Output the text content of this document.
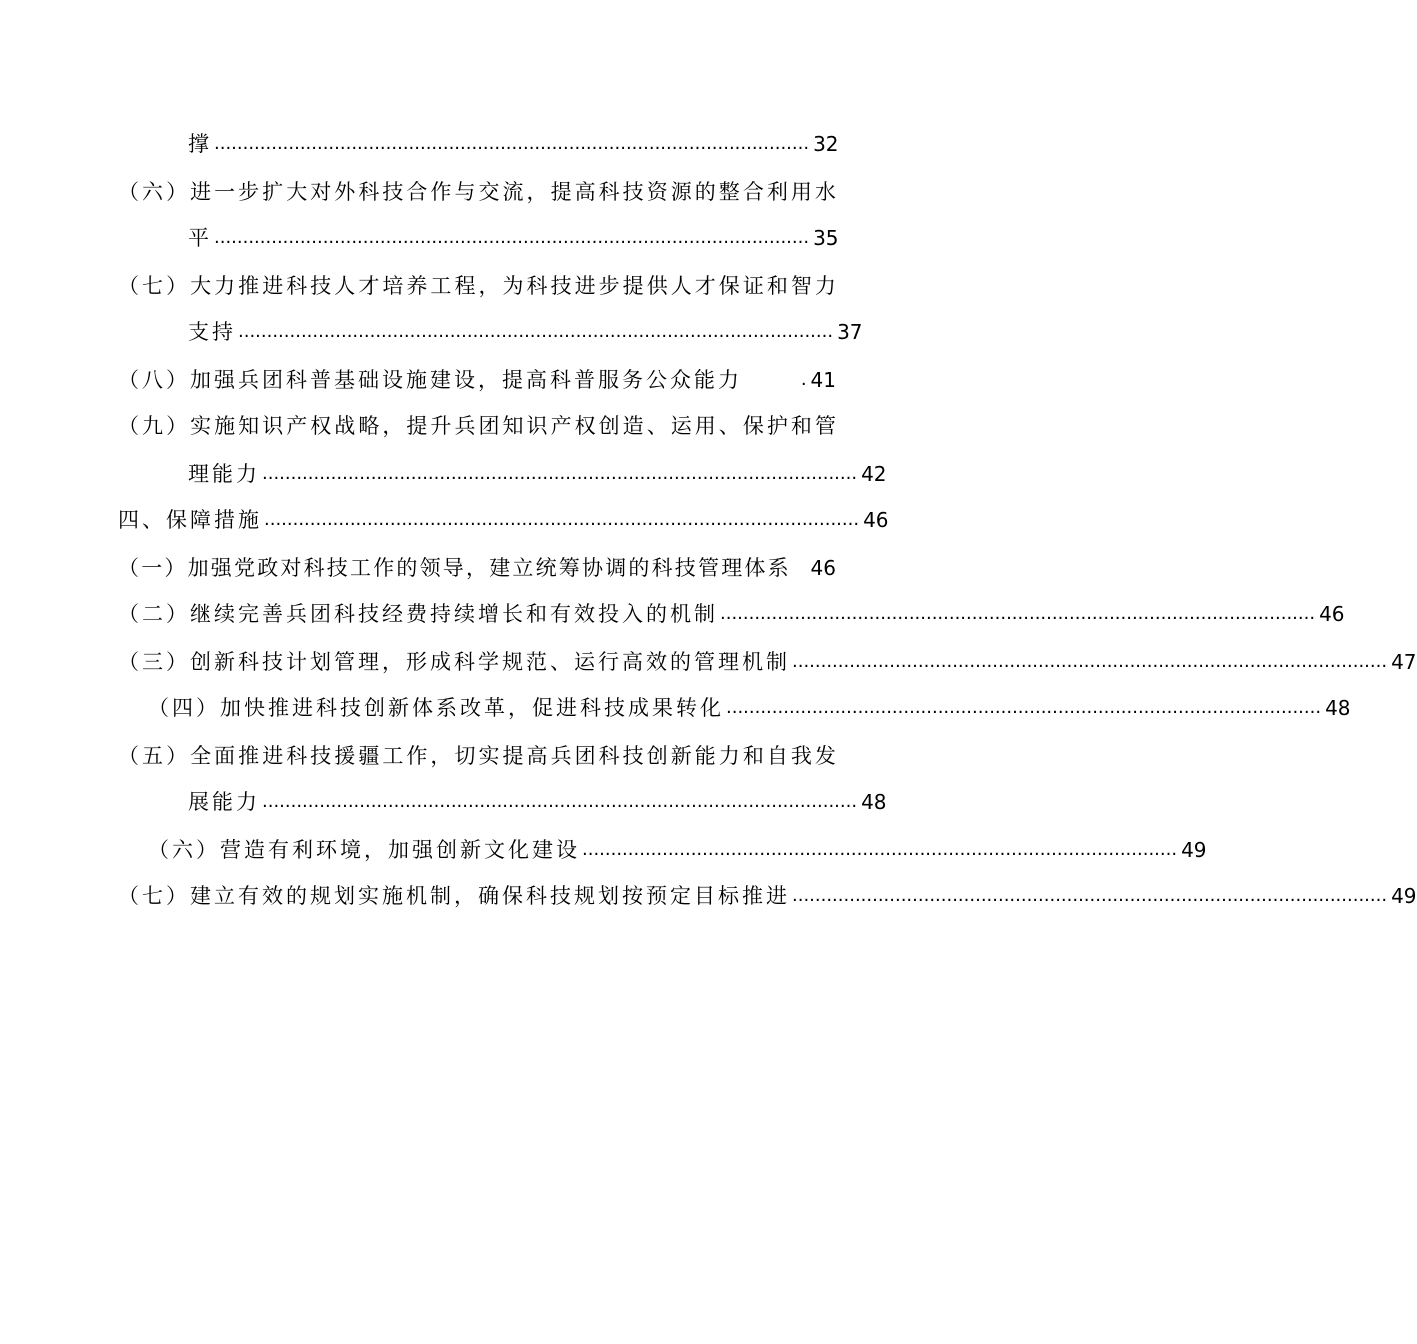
撑 ........................................................................................................ 32
（ 六 ） 进 一 步 扩 大 对 外 科 技 合 作 与 交 流 ， 提 高 科 技 资 源 的 整 合 利 用 水
平 ........................................................................................................ 35
（ 七 ） 大 力 推 进 科 技 人 才 培 养 工 程 ， 为 科 技 进 步 提 供 人 才 保 证 和 智 力
支持 ........................................................................................................ 37
（八）加强兵团科普基础设施建设，提高科普服务公众能力	. 41
（ 九 ） 实 施 知 识 产 权 战 略 ， 提 升 兵 团 知 识 产 权 创 造 、 运 用 、 保 护 和 管
理能力 ........................................................................................................ 42
四、保障措施 ........................................................................................................ 46
（一）加强党政对科技工作的领导，建立统筹协调的科技管理体系 46
（二）继续完善兵团科技经费持续增长和有效投入的机制 ........................................................................................................ 46
（三）创新科技计划管理，形成科学规范、运行高效的管理机制 ........................................................................................................ 47
（四）加快推进科技创新体系改革，促进科技成果转化 ........................................................................................................ 48
（ 五 ） 全 面 推 进 科 技 援 疆 工 作 ， 切 实 提 高 兵 团 科 技 创 新 能 力 和 自 我 发
展能力 ........................................................................................................ 48
（六）营造有利环境，加强创新文化建设 ........................................................................................................ 49
（七）建立有效的规划实施机制，确保科技规划按预定目标推进 ........................................................................................................ 49
